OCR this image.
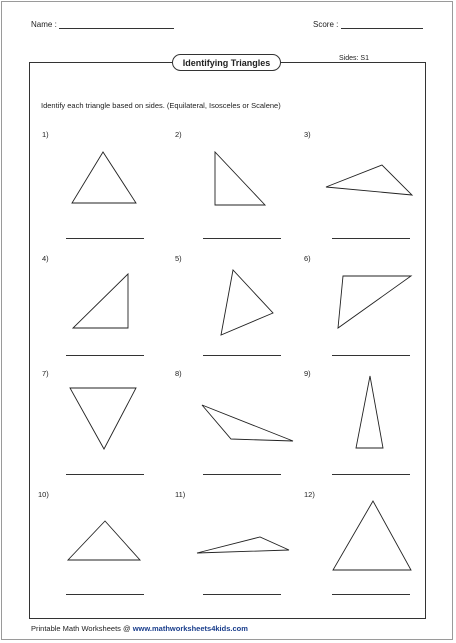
Name :	Score :
Identifying Triangles	Sides: S1
Identify each triangle based on sides. (Equilateral, Isosceles or Scalene)
1)	2)	3)
4)	5)	6)
7)	8)	9)
10)	11)	12)
Printable Math Worksheets @ www.mathworksheets4kids.com
